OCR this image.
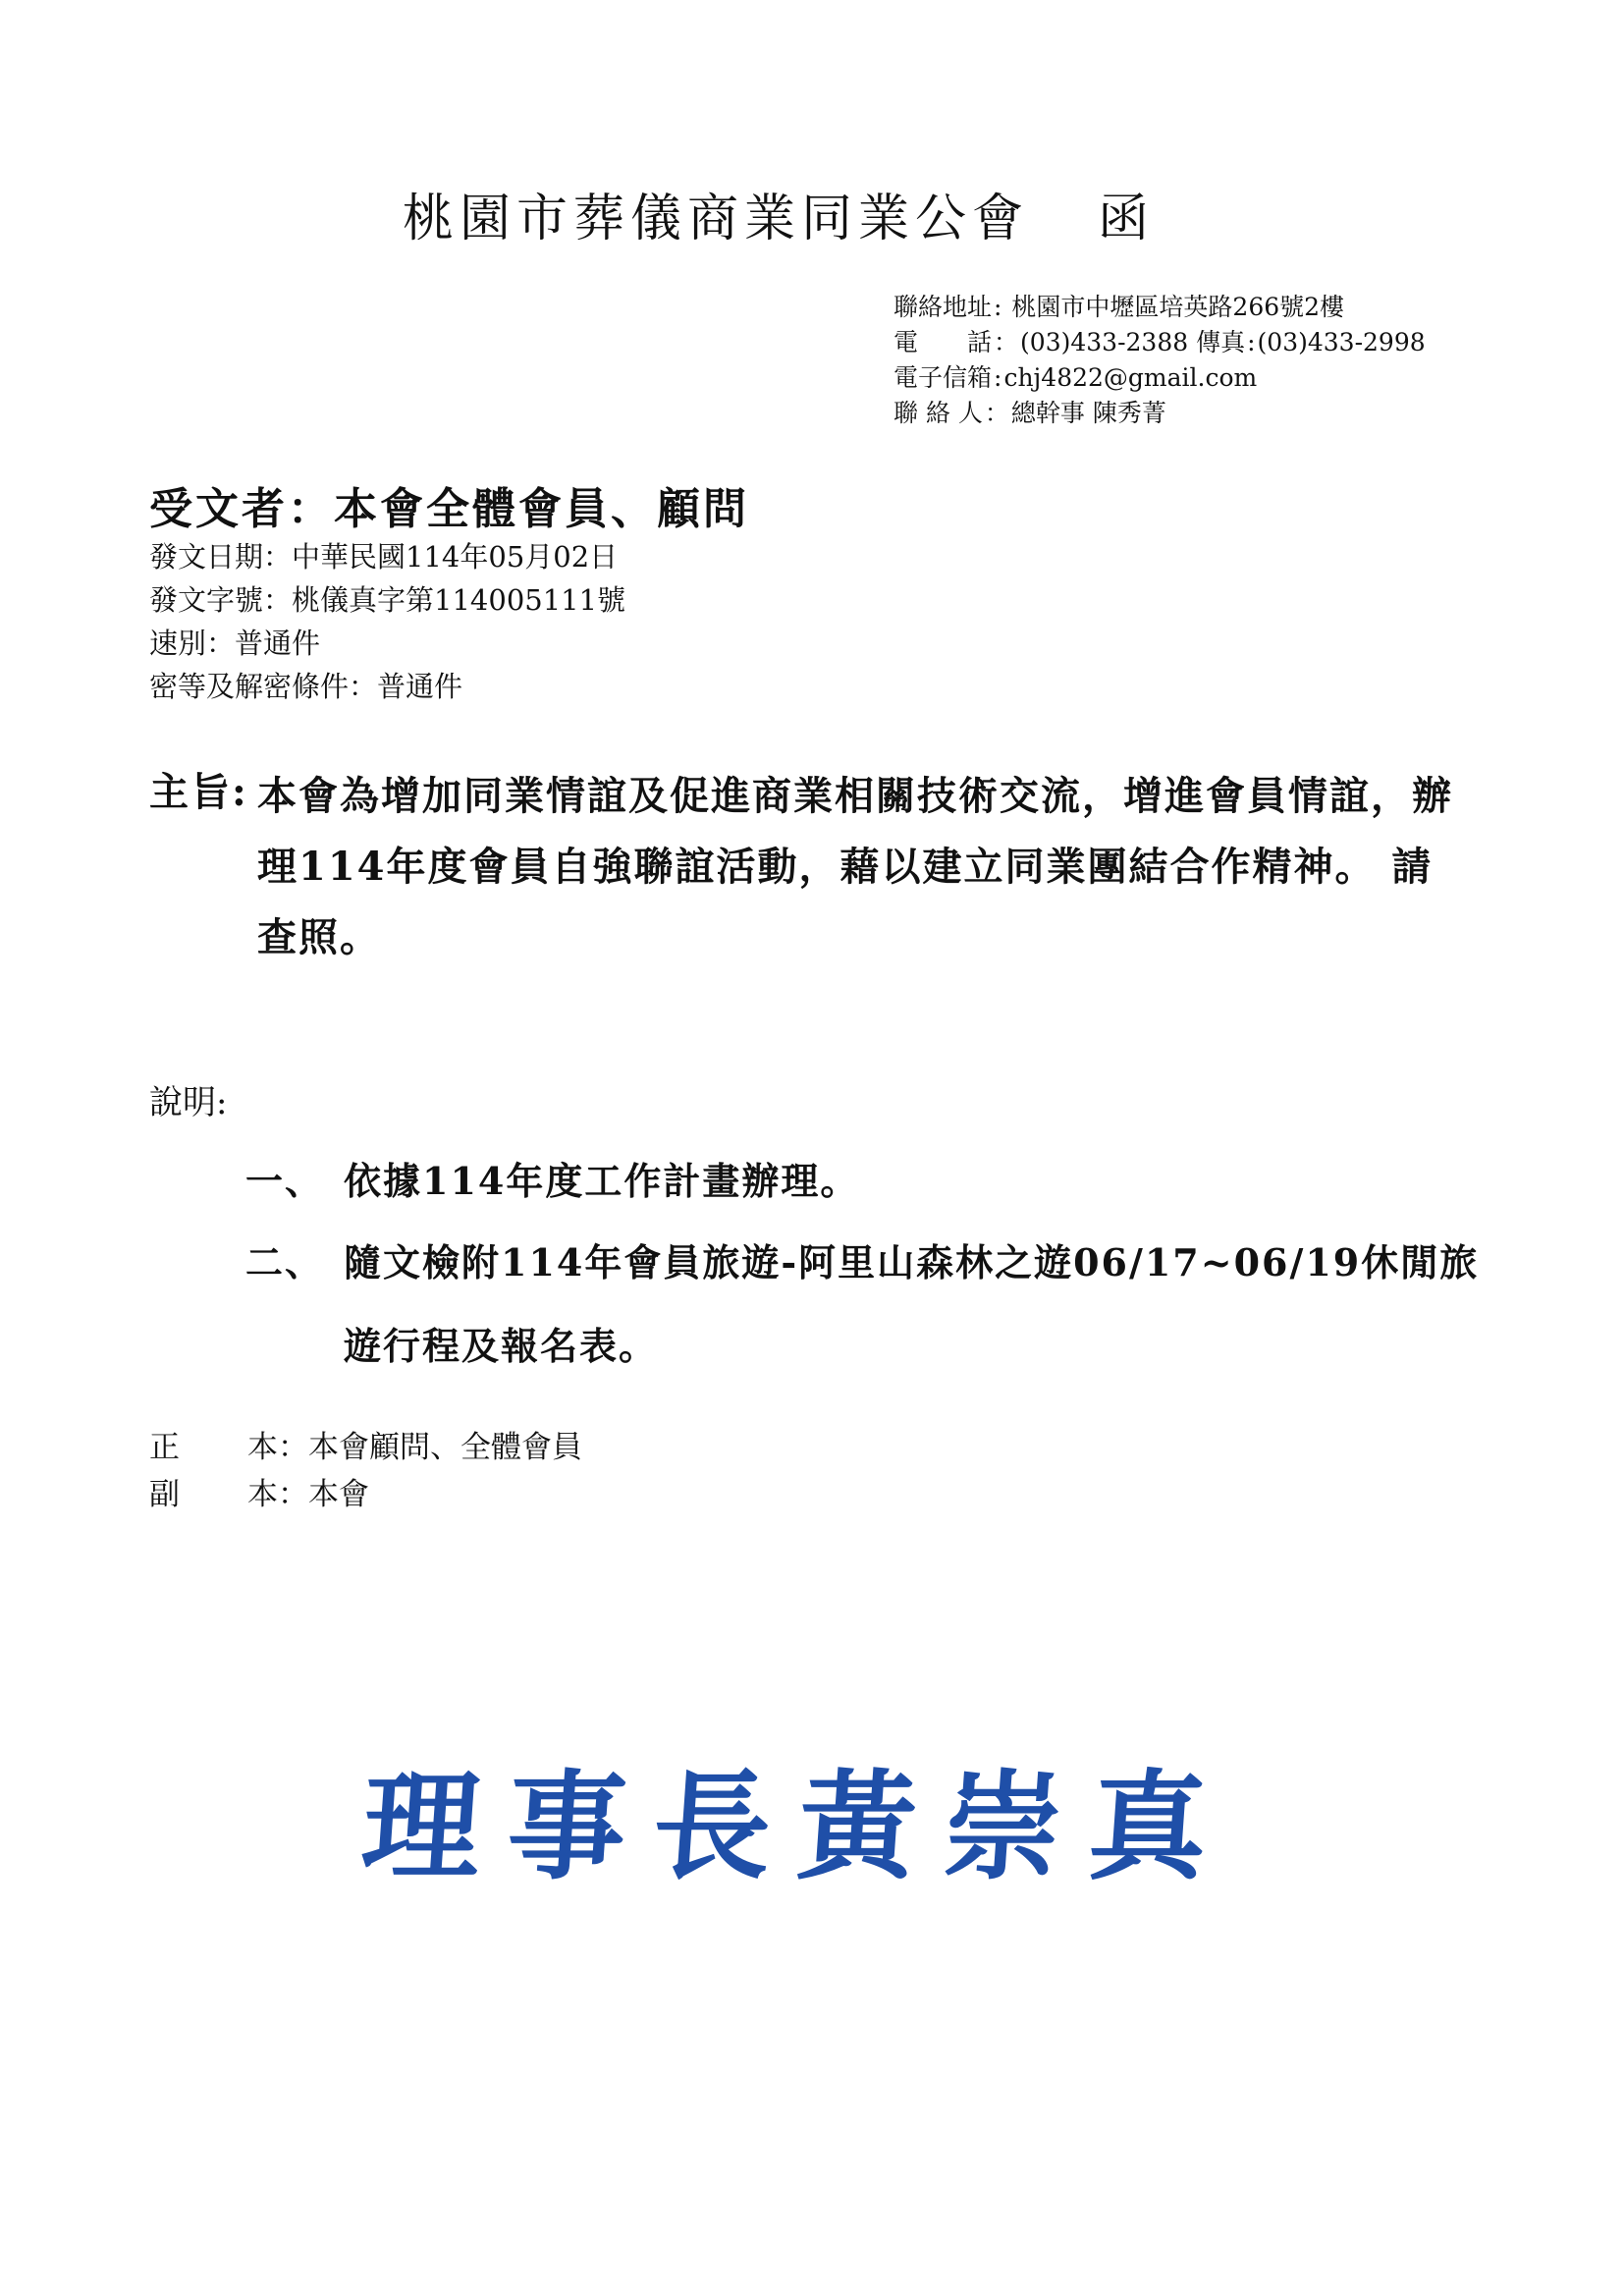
桃園市葬儀商業同業公會 函
聯絡地址: 桃園市中壢區培英路266號2樓
電　　話：(03)433-2388 傳真:(03)433-2998
電子信箱:chj4822@gmail.com
聯 絡 人：總幹事 陳秀菁
受文者：本會全體會員、顧問
發文日期：中華民國114年05月02日
發文字號：桃儀真字第114005111號
速別：普通件
密等及解密條件：普通件
主旨: 本會為增加同業情誼及促進商業相關技術交流，增進會員情誼，辦理114年度會員自強聯誼活動，藉以建立同業團結合作精神。 請　查照。
說明:
一、 依據114年度工作計畫辦理。
二、 隨文檢附114年會員旅遊-阿里山森林之遊06/17~06/19休閒旅
遊行程及報名表。
正 本：本會顧問、全體會員
副 本：本會
理事長黃崇真
